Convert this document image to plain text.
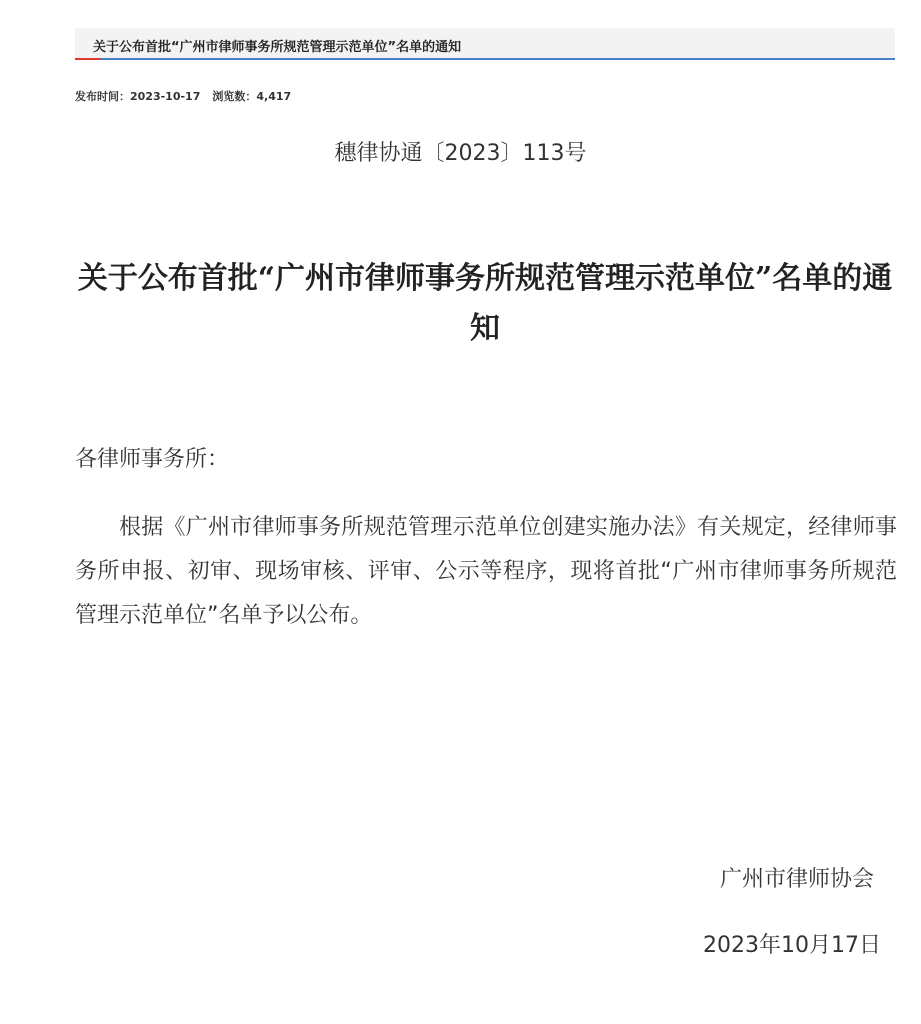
关于公布首批“广州市律师事务所规范管理示范单位”名单的通知
发布时间：2023-10-17 浏览数：4,417
穗律协通〔2023〕113号
关于公布首批“广州市律师事务所规范管理示范单位”名单的通知
各律师事务所：
根据《广州市律师事务所规范管理示范单位创建实施办法》有关规定，经律师事务所申报、初审、现场审核、评审、公示等程序，现将首批“广州市律师事务所规范管理示范单位”名单予以公布。
广州市律师协会
2023年10月17日
